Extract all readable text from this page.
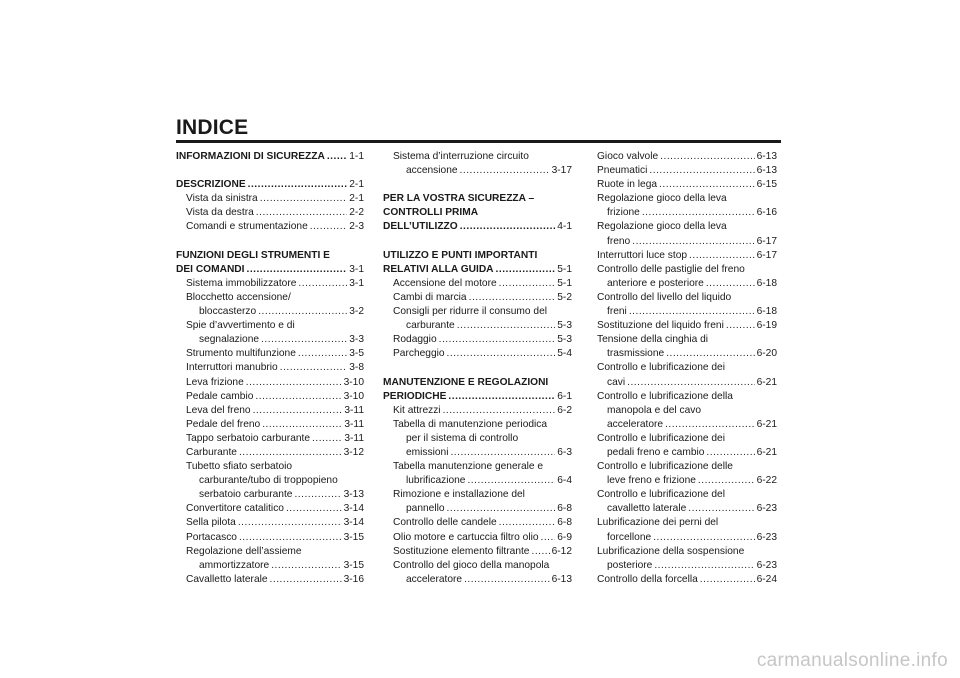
INDICE
INFORMAZIONI DI SICUREZZA ..... 1-1
DESCRIZIONE .....	2-1
Vista da sinistra .....	2-1
Vista da destra .....	2-2
Comandi e strumentazione .....	2-3
FUNZIONI DEGLI STRUMENTI E
DEI COMANDI .....	3-1
Sistema immobilizzatore .....	3-1
Blocchetto accensione/
bloccasterzo .....	3-2
Spie d’avvertimento e di
segnalazione .....	3-3
Strumento multifunzione .....	3-5
Interruttori manubrio .....	3-8
Leva frizione .....	3-10
Pedale cambio .....	3-10
Leva del freno .....	3-11
Pedale del freno .....	3-11
Tappo serbatoio carburante .....	3-11
Carburante .....	3-12
Tubetto sfiato serbatoio
carburante/tubo di troppopieno
serbatoio carburante .....	3-13
Convertitore catalitico .....	3-14
Sella pilota .....	3-14
Portacasco .....	3-15
Regolazione dell’assieme
ammortizzatore .....	3-15
Cavalletto laterale .....	3-16
Sistema d’interruzione circuito
accensione .....	3-17
PER LA VOSTRA SICUREZZA –
CONTROLLI PRIMA
DELL’UTILIZZO .....	4-1
UTILIZZO E PUNTI IMPORTANTI
RELATIVI ALLA GUIDA .....	5-1
Accensione del motore .....	5-1
Cambi di marcia .....	5-2
Consigli per ridurre il consumo del
carburante .....	5-3
Rodaggio .....	5-3
Parcheggio .....	5-4
MANUTENZIONE E REGOLAZIONI
PERIODICHE .....	6-1
Kit attrezzi .....	6-2
Tabella di manutenzione periodica
per il sistema di controllo
emissioni .....	6-3
Tabella manutenzione generale e
lubrificazione .....	6-4
Rimozione e installazione del
pannello .....	6-8
Controllo delle candele .....	6-8
Olio motore e cartuccia filtro olio ..... 6-9
Sostituzione elemento filtrante ..... 6-12
Controllo del gioco della manopola
acceleratore .....	6-13
Gioco valvole .....	6-13
Pneumatici .....	6-13
Ruote in lega .....	6-15
Regolazione gioco della leva
frizione .....	6-16
Regolazione gioco della leva
freno .....	6-17
Interruttori luce stop .....	6-17
Controllo delle pastiglie del freno
anteriore e posteriore .....	6-18
Controllo del livello del liquido
freni .....	6-18
Sostituzione del liquido freni .....	6-19
Tensione della cinghia di
trasmissione .....	6-20
Controllo e lubrificazione dei
cavi .....	6-21
Controllo e lubrificazione della
manopola e del cavo
acceleratore .....	6-21
Controllo e lubrificazione dei
pedali freno e cambio .....	6-21
Controllo e lubrificazione delle
leve freno e frizione .....	6-22
Controllo e lubrificazione del
cavalletto laterale .....	6-23
Lubrificazione dei perni del
forcellone .....	6-23
Lubrificazione della sospensione
posteriore .....	6-23
Controllo della forcella .....	6-24
carmanualsonline.info
